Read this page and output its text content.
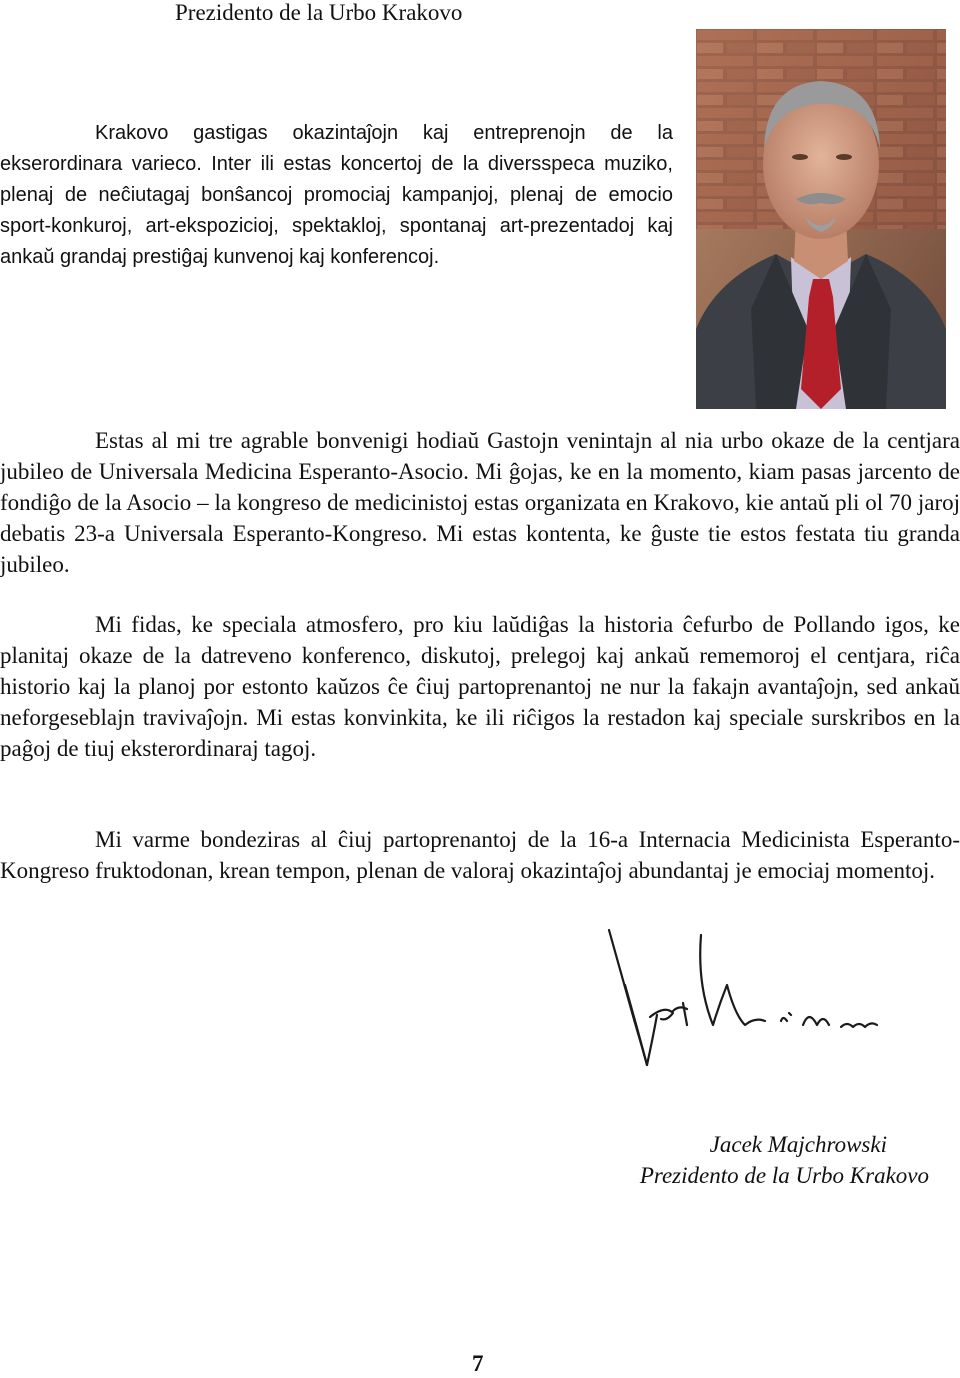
Prezidento de la Urbo Krakovo

Krakovo gastigas okazintaĵojn kaj entreprenojn de la ekserordinara varieco. Inter ili estas koncertoj de la diversspeca muziko, plenaj de neĉiutagaj bonŝancoj promociaj kampanjoj, plenaj de emocio sport-konkuroj, art-ekspozicioj, spektakloj, spontanaj art-prezentadoj kaj ankaŭ grandaj prestiĝaj kunvenoj kaj konferencoj.

Estas al mi tre agrable bonvenigi hodiaŭ Gastojn venintajn al nia urbo okaze de la centjara jubileo de Universala Medicina Esperanto-Asocio. Mi ĝojas, ke en la momento, kiam pasas jarcento de fondiĝo de la Asocio – la kongreso de medicinistoj estas organizata en Krakovo, kie antaŭ pli ol 70 jaroj debatis 23-a Universala Esperanto-Kongreso. Mi estas kontenta, ke ĝuste tie estos festata tiu granda jubileo.

Mi fidas, ke speciala atmosfero, pro kiu laŭdiĝas la historia ĉefurbo de Pollando igos, ke planitaj okaze de la datreveno konferenco, diskutoj, prelegoj kaj ankaŭ rememoroj el centjara, riĉa historio kaj la planoj por estonto kaŭzos ĉe ĉiuj partoprenantoj ne nur la fakajn avantaĵojn, sed ankaŭ neforgeseblajn travivaĵojn. Mi estas konvinkita, ke ili riĉigos la restadon kaj speciale surskribos en la paĝoj de tiuj eksterordinaraj tagoj.

Mi varme bondeziras al ĉiuj partoprenantoj de la 16-a Internacia Medicinista Esperanto-Kongreso fruktodonan, krean tempon, plenan de valoraj okazintaĵoj abundantaj je emociaj momentoj.

Jacek Majchrowski
Prezidento de la Urbo Krakovo
7
